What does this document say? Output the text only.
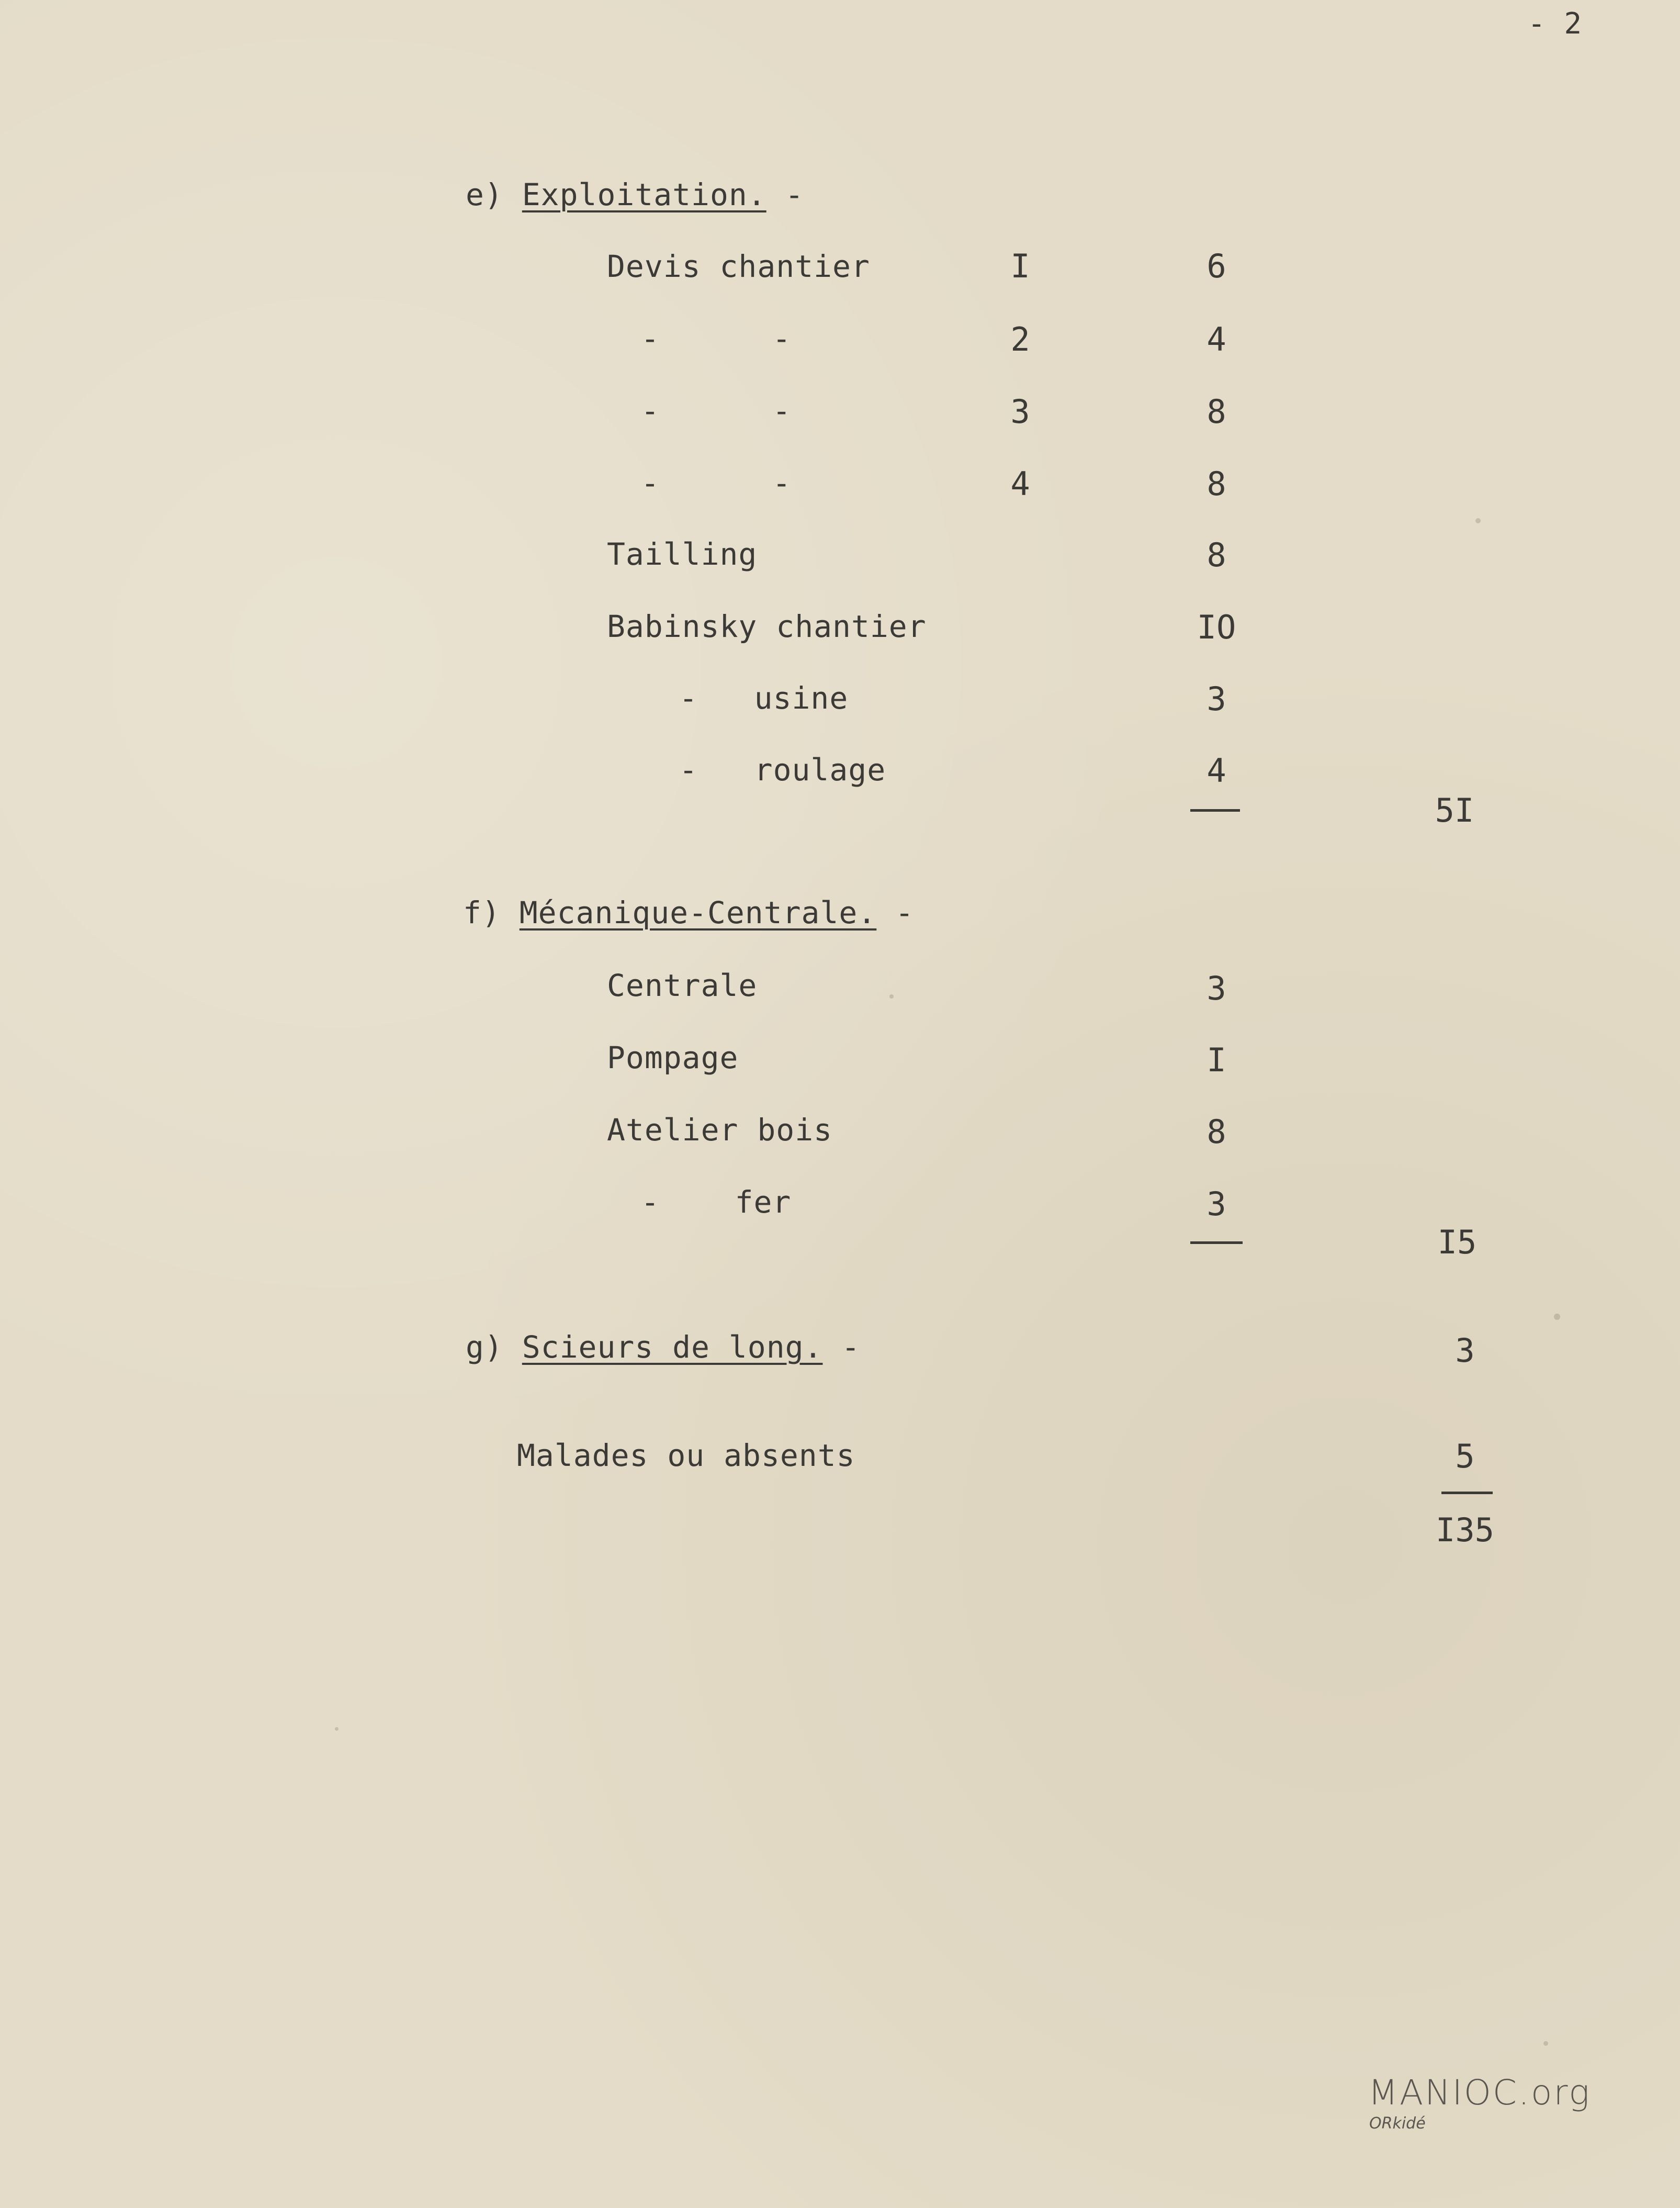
- 2
e) Exploitation. -
Devis chantier	I	6
-      -	2	4
-      -	3	8
-      -	4	8
Tailling	8
Babinsky chantier	IO
-   usine	3
-   roulage	4
5I
f) Mécanique-Centrale. -
Centrale	3
Pompage	I
Atelier bois	8
-    fer	3
I5
g) Scieurs de long. -	3
Malades ou absents	5
I35
MANIOC.org
ORkidé
